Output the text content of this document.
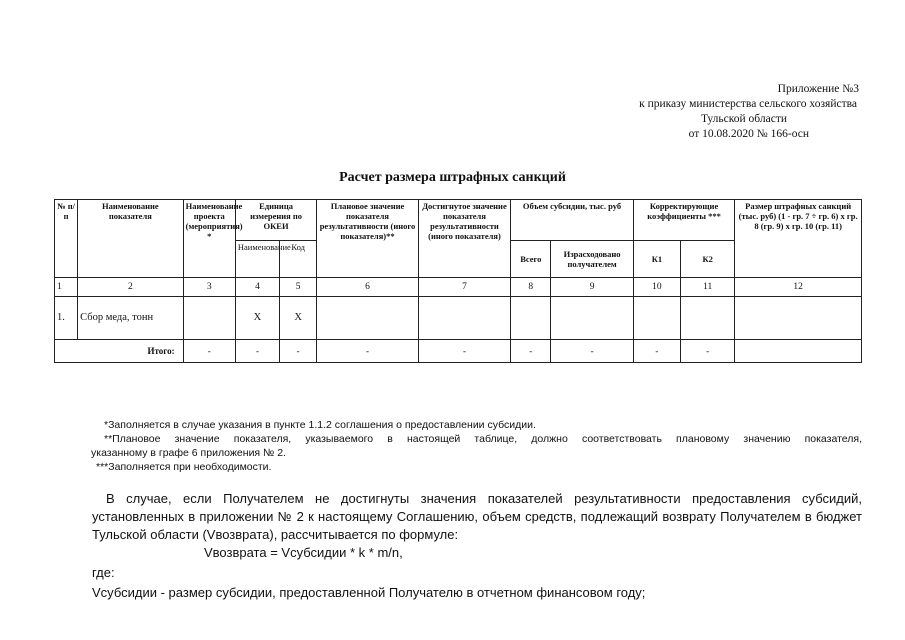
Приложение №3
к приказу министерства сельского хозяйства
Тульской области
от 10.08.2020 № 166-осн
Расчет размера штрафных санкций
№ п/п	Наименование показателя	Наименование проекта (мероприятия) *	Единица измерения по ОКЕИ		Плановое значение показателя результативности (иного показателя)**	Достигнутое значение показателя результативности (иного показателя)	Объем субсидии, тыс. руб		Корректирующие коэффициенты ***		Размер штрафных санкций (тыс. руб) (1 - гр. 7 ÷ гр. 6) х гр. 8 (гр. 9) х гр. 10 (гр. 11)
			Наименование	Код							
							Всего	Израсходовано получателем	К1	К2	
1	2	3	4	5	6	7	8	9	10	11	12
1.	Сбор меда, тонн		Х	Х							
Итого:		-	-	-	-	-	-	-	-	-	

*Заполняется в случае указания в пункте 1.1.2 соглашения о предоставлении субсидии.

**Плановое значение показателя, указываемого в настоящей таблице, должно соответствовать плановому значению показателя,

указанному в графе 6 приложения № 2.

***Заполняется при необходимости.

В случае, если Получателем не достигнуты значения показателей результативности предоставления субсидий, установленных в приложении № 2 к настоящему Соглашению, объем средств, подлежащий возврату Получателем в бюджет Тульской области (Vвозврата), рассчитывается по формуле:

Vвозврата = Vсубсидии * k * m/n,

где:

Vсубсидии - размер субсидии, предоставленной Получателю в отчетном финансовом году;
